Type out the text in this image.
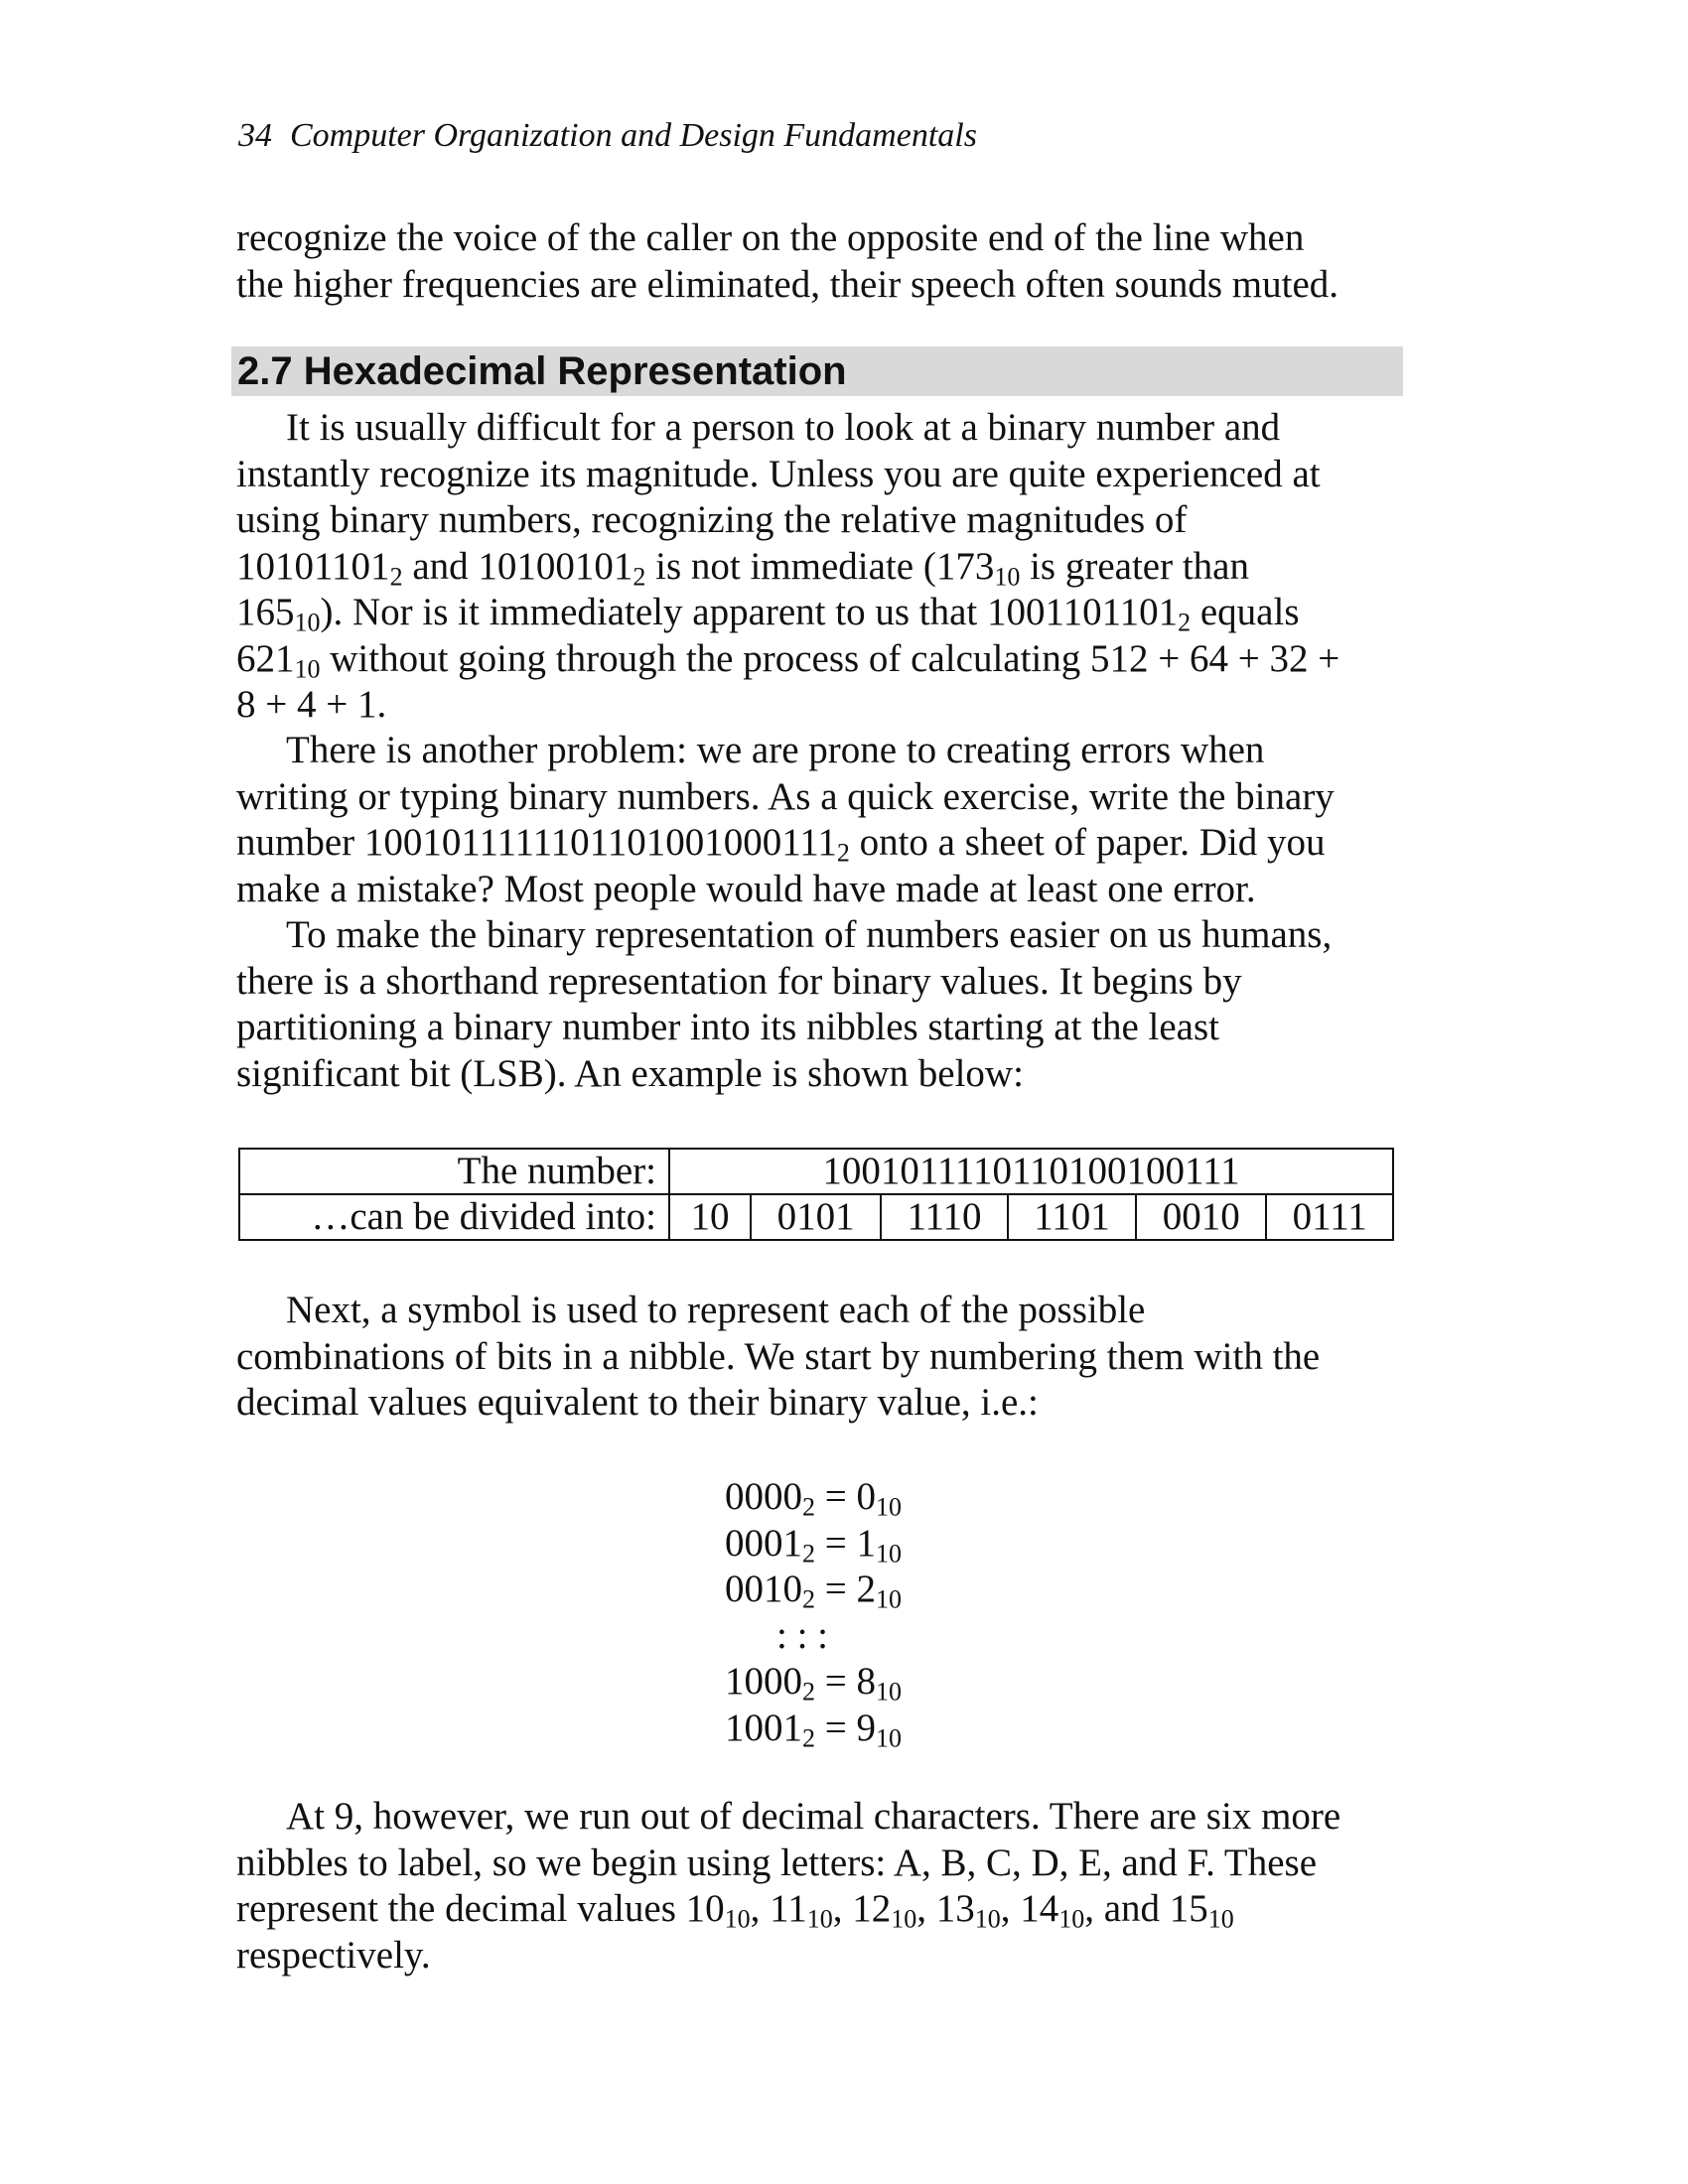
34 Computer Organization and Design Fundamentals
recognize the voice of the caller on the opposite end of the line when
the higher frequencies are eliminated, their speech often sounds muted.
2.7 Hexadecimal Representation
It is usually difficult for a person to look at a binary number and
instantly recognize its magnitude. Unless you are quite experienced at
using binary numbers, recognizing the relative magnitudes of
$10101101_2$ and $10100101_2$ is not immediate ($173_{10}$ is greater than
$165_{10}$). Nor is it immediately apparent to us that $1001101101_2$ equals
$621_{10}$ without going through the process of calculating 512 + 64 + 32 +
8 + 4 + 1.
There is another problem: we are prone to creating errors when
writing or typing binary numbers. As a quick exercise, write the binary
number $1001011111101101001000111_2$ onto a sheet of paper. Did you
make a mistake? Most people would have made at least one error.
To make the binary representation of numbers easier on us humans,
there is a shorthand representation for binary values. It begins by
partitioning a binary number into its nibbles starting at the least
significant bit (LSB). An example is shown below:
The number:	1001011110110100100111					
…can be divided into:	10	0101	1110	1101	0010	0111
Next, a symbol is used to represent each of the possible
combinations of bits in a nibble. We start by numbering them with the
decimal values equivalent to their binary value, i.e.:
$0000_2 = 0_{10}$
$0001_2 = 1_{10}$
$0010_2 = 2_{10}$
: : :
$1000_2 = 8_{10}$
$1001_2 = 9_{10}$
At 9, however, we run out of decimal characters. There are six more
nibbles to label, so we begin using letters: A, B, C, D, E, and F. These
represent the decimal values $10_{10}$, $11_{10}$, $12_{10}$, $13_{10}$, $14_{10}$, and $15_{10}$
respectively.
